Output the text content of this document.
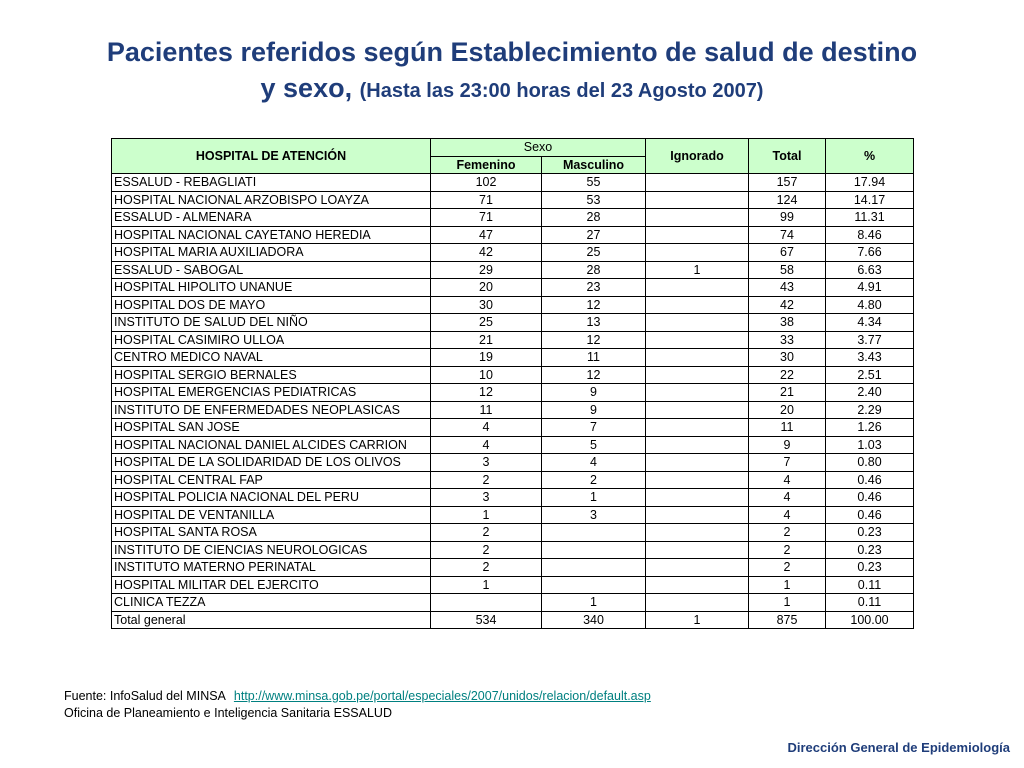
Pacientes referidos según Establecimiento de salud de destino
y sexo, (Hasta las 23:00 horas del 23 Agosto 2007)
HOSPITAL DE ATENCIÓN	Sexo		Ignorado	Total	%
	Femenino	Masculino			
ESSALUD - REBAGLIATI	102	55		157	17.94
HOSPITAL NACIONAL ARZOBISPO LOAYZA	71	53		124	14.17
ESSALUD - ALMENARA	71	28		99	11.31
HOSPITAL NACIONAL CAYETANO HEREDIA	47	27		74	8.46
HOSPITAL MARIA AUXILIADORA	42	25		67	7.66
ESSALUD - SABOGAL	29	28	1	58	6.63
HOSPITAL HIPOLITO UNANUE	20	23		43	4.91
HOSPITAL DOS DE MAYO	30	12		42	4.80
INSTITUTO DE SALUD DEL NIÑO	25	13		38	4.34
HOSPITAL CASIMIRO ULLOA	21	12		33	3.77
CENTRO MEDICO NAVAL	19	11		30	3.43
HOSPITAL SERGIO BERNALES	10	12		22	2.51
HOSPITAL EMERGENCIAS PEDIATRICAS	12	9		21	2.40
INSTITUTO DE ENFERMEDADES NEOPLASICAS	11	9		20	2.29
HOSPITAL SAN JOSE	4	7		11	1.26
HOSPITAL NACIONAL DANIEL ALCIDES CARRION	4	5		9	1.03
HOSPITAL DE LA SOLIDARIDAD DE LOS OLIVOS	3	4		7	0.80
HOSPITAL CENTRAL FAP	2	2		4	0.46
HOSPITAL POLICIA NACIONAL DEL PERU	3	1		4	0.46
HOSPITAL DE VENTANILLA	1	3		4	0.46
HOSPITAL SANTA ROSA	2			2	0.23
INSTITUTO DE CIENCIAS NEUROLOGICAS	2			2	0.23
INSTITUTO MATERNO PERINATAL	2			2	0.23
HOSPITAL MILITAR DEL EJERCITO	1			1	0.11
CLINICA TEZZA		1		1	0.11
Total general	534	340	1	875	100.00
Fuente: InfoSalud del MINSA http://www.minsa.gob.pe/portal/especiales/2007/unidos/relacion/default.asp
Oficina de Planeamiento e Inteligencia Sanitaria ESSALUD
Dirección General de Epidemiología
